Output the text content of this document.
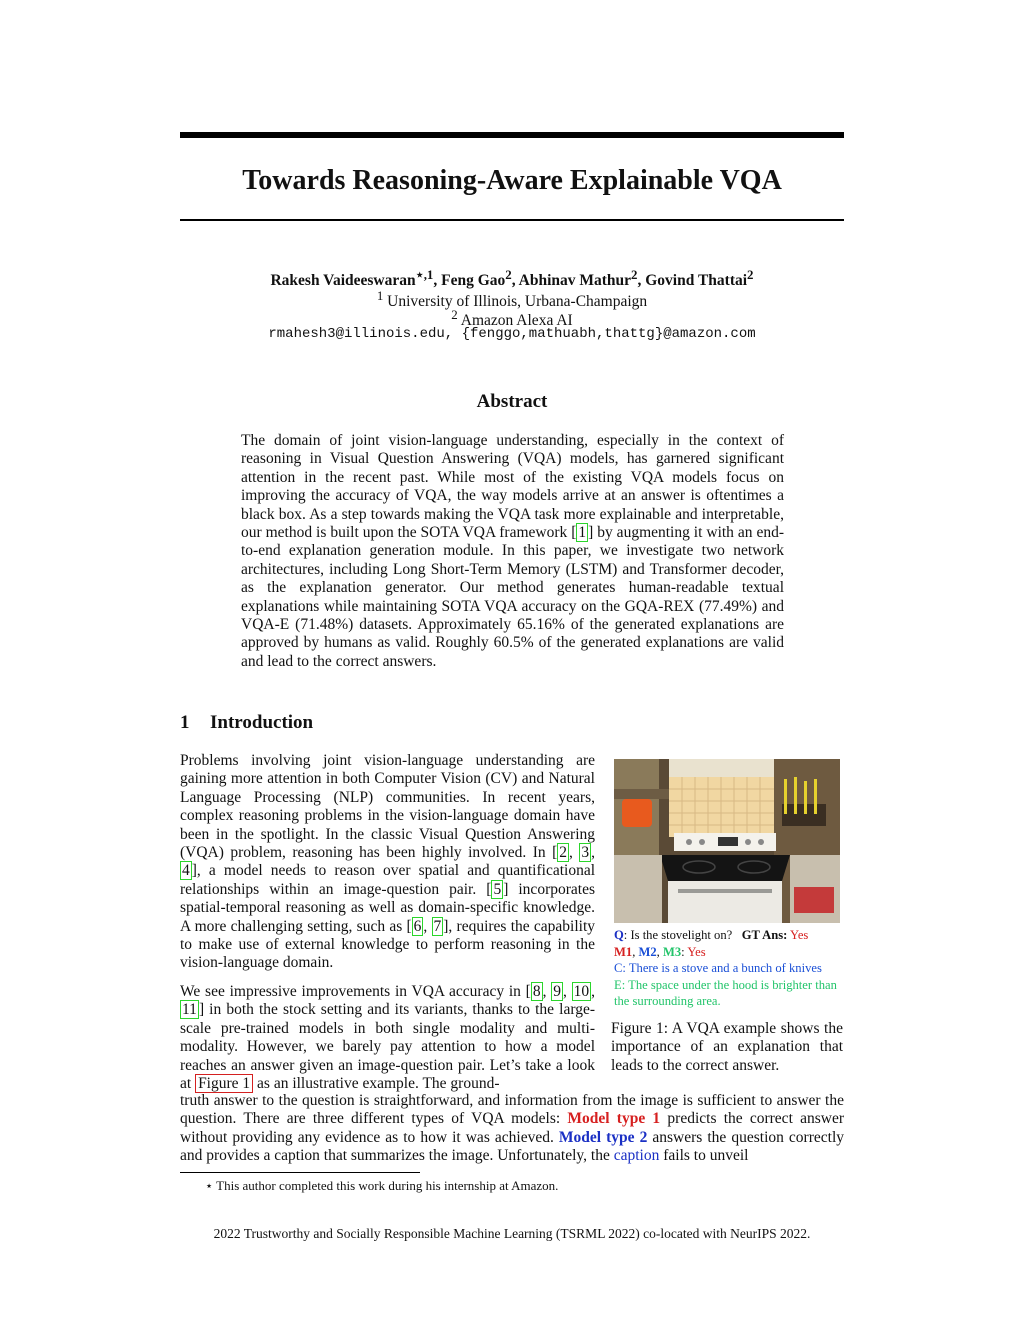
Towards Reasoning-Aware Explainable VQA
Rakesh Vaideeswaran$^{⋆,1}$, Feng Gao$^2$, Abhinav Mathur$^2$, Govind Thattai$^2$
$^1$ University of Illinois, Urbana-Champaign
$^2$ Amazon Alexa AI
rmahesh3@illinois.edu, {fenggo,mathuabh,thattg}@amazon.com
Abstract

The domain of joint vision-language understanding, especially in the context of reasoning in Visual Question Answering (VQA) models, has garnered significant attention in the recent past. While most of the existing VQA models focus on improving the accuracy of VQA, the way models arrive at an answer is oftentimes a black box. As a step towards making the VQA task more explainable and interpretable, our method is built upon the SOTA VQA framework [ 1 ] by augmenting it with an end-to-end explanation generation module. In this paper, we investigate two network architectures, including Long Short-Term Memory (LSTM) and Transformer decoder, as the explanation generator. Our method generates human-readable textual explanations while maintaining SOTA VQA accuracy on the GQA-REX (77.49%) and VQA-E (71.48%) datasets. Approximately 65.16% of the generated explanations are approved by humans as valid. Roughly 60.5% of the generated explanations are valid and lead to the correct answers.

1 Introduction

Problems involving joint vision-language understanding are gaining more attention in both Computer Vision (CV) and Natural Language Processing (NLP) communities. In recent years, complex reasoning problems in the vision-language domain have been in the spotlight. In the classic Visual Question Answering (VQA) problem, reasoning has been highly involved. In [ 2 , 3 , 4 ], a model needs to reason over spatial and quantificational relationships within an image-question pair. [ 5 ] incorporates spatial-temporal reasoning as well as domain-specific knowledge. A more challenging setting, such as [ 6 , 7 ], requires the capability to make use of external knowledge to perform reasoning in the vision-language domain.

We see impressive improvements in VQA accuracy in [ 8 , 9 , 10 , 11 ] in both the stock setting and its variants, thanks to the large-scale pre-trained models in both single modality and multi-modality. However, we barely pay attention to how a model reaches an answer given an image-question pair. Let’s take a look at Figure 1 as an illustrative example. The ground-

truth answer to the question is straightforward, and information from the image is sufficient to answer the question. There are three different types of VQA models: Model type 1 predicts the correct answer without providing any evidence as to how it was achieved. Model type 2 answers the question correctly and provides a caption that summarizes the image. Unfortunately, the caption fails to unveil

Q: Is the stovelight on? GT Ans: Yes
M1, M2, M3: Yes
C: There is a stove and a bunch of knives
E: The space under the hood is brighter than the surrounding area.
Figure 1: A VQA example shows the importance of an explanation that leads to the correct answer.
⋆ This author completed this work during his internship at Amazon.
2022 Trustworthy and Socially Responsible Machine Learning (TSRML 2022) co-located with NeurIPS 2022.
